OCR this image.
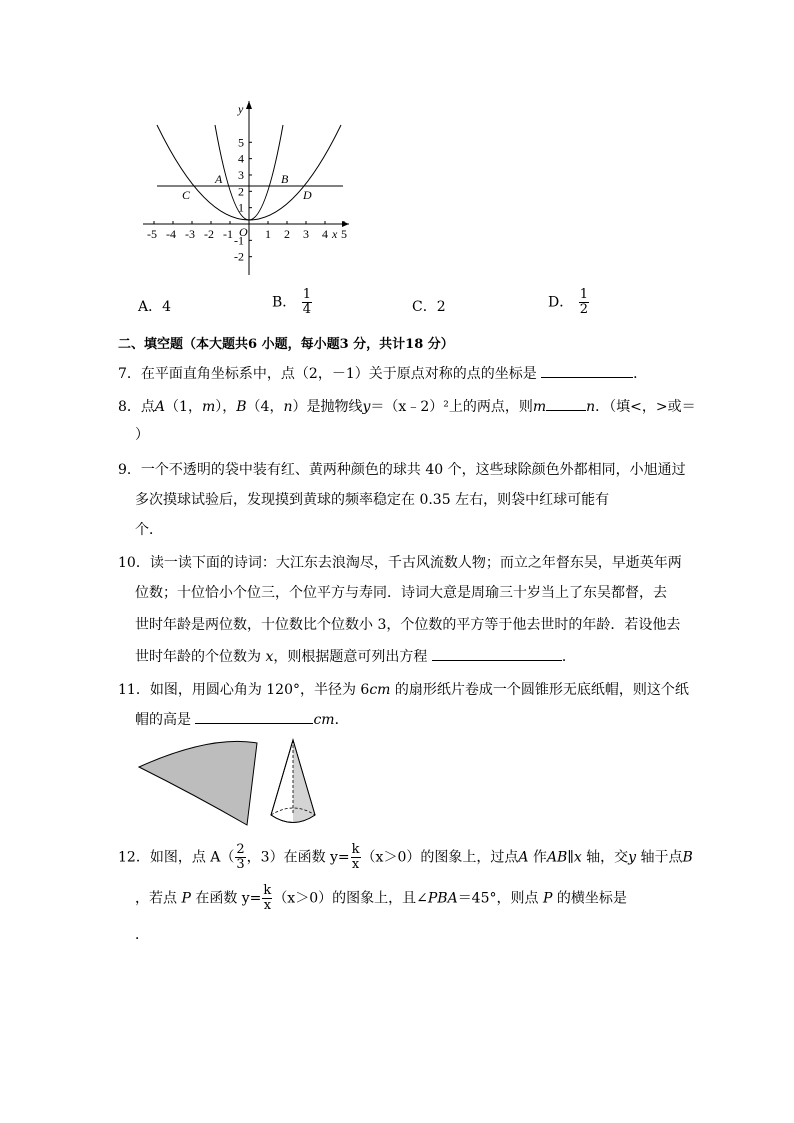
y
x
O
-5 -4 -3 -2 -1	1 2 3 4 5
5
4
3
2
1
-1
-2
A	B
C	D
A．4	B． $\frac{1}{4}$	C．2	D． $\frac{1}{2}$
二、填空题（本大题共6 小题，每小题3 分，共计18 分）
7．在平面直角坐标系中，点（2，－1）关于原点对称的点的坐标是	．
8．点A（1，m），B（4，n）是抛物线y＝（x﹣2）²上的两点，则m	n．（填<，>或＝
）
9．一个不透明的袋中装有红、黄两种颜色的球共 40 个，这些球除颜色外都相同，小旭通过
多次摸球试验后，发现摸到黄球的频率稳定在 0.35 左右，则袋中红球可能有
个．
10．读一读下面的诗词：大江东去浪淘尽，千古风流数人物；而立之年督东吴，早逝英年两
位数；十位恰小个位三，个位平方与寿同．诗词大意是周瑜三十岁当上了东吴都督，去
世时年龄是两位数，十位数比个位数小 3，个位数的平方等于他去世时的年龄．若设他去
世时年龄的个位数为 x，则根据题意可列出方程	．
11．如图，用圆心角为 120°，半径为 6cm 的扇形纸片卷成一个圆锥形无底纸帽，则这个纸
帽的高是	cm．
12．如图，点 $A( \frac{2}{3}$ ，3）在函数 $y= \frac{k}{x} (x>0)$的图象上，过点A 作AB∥x 轴，交y 轴于点B
，若点 P 在函数 $y= \frac{k}{x} (x>0)$的图象上，且∠PBA＝45°，则点 P 的横坐标是
．
